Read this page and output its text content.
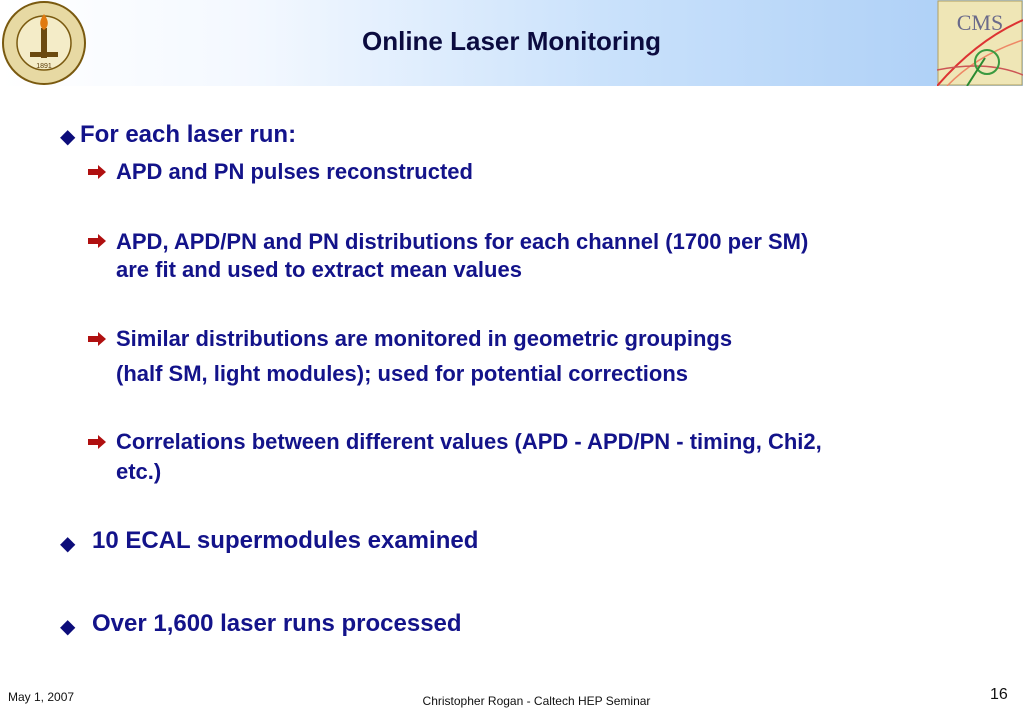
1891
Online Laser Monitoring
CMS
◆ For each laser run:
APD and PN pulses reconstructed
APD, APD/PN and PN distributions for each channel (1700 per SM)
are fit and used to extract mean values
Similar distributions are monitored in geometric groupings
(half SM, light modules); used for potential corrections
Correlations between different values (APD - APD/PN - timing, Chi2,
etc.)
◆ 10 ECAL supermodules examined
◆ Over 1,600 laser runs processed
May 1, 2007	Christopher Rogan - Caltech HEP Seminar	16
